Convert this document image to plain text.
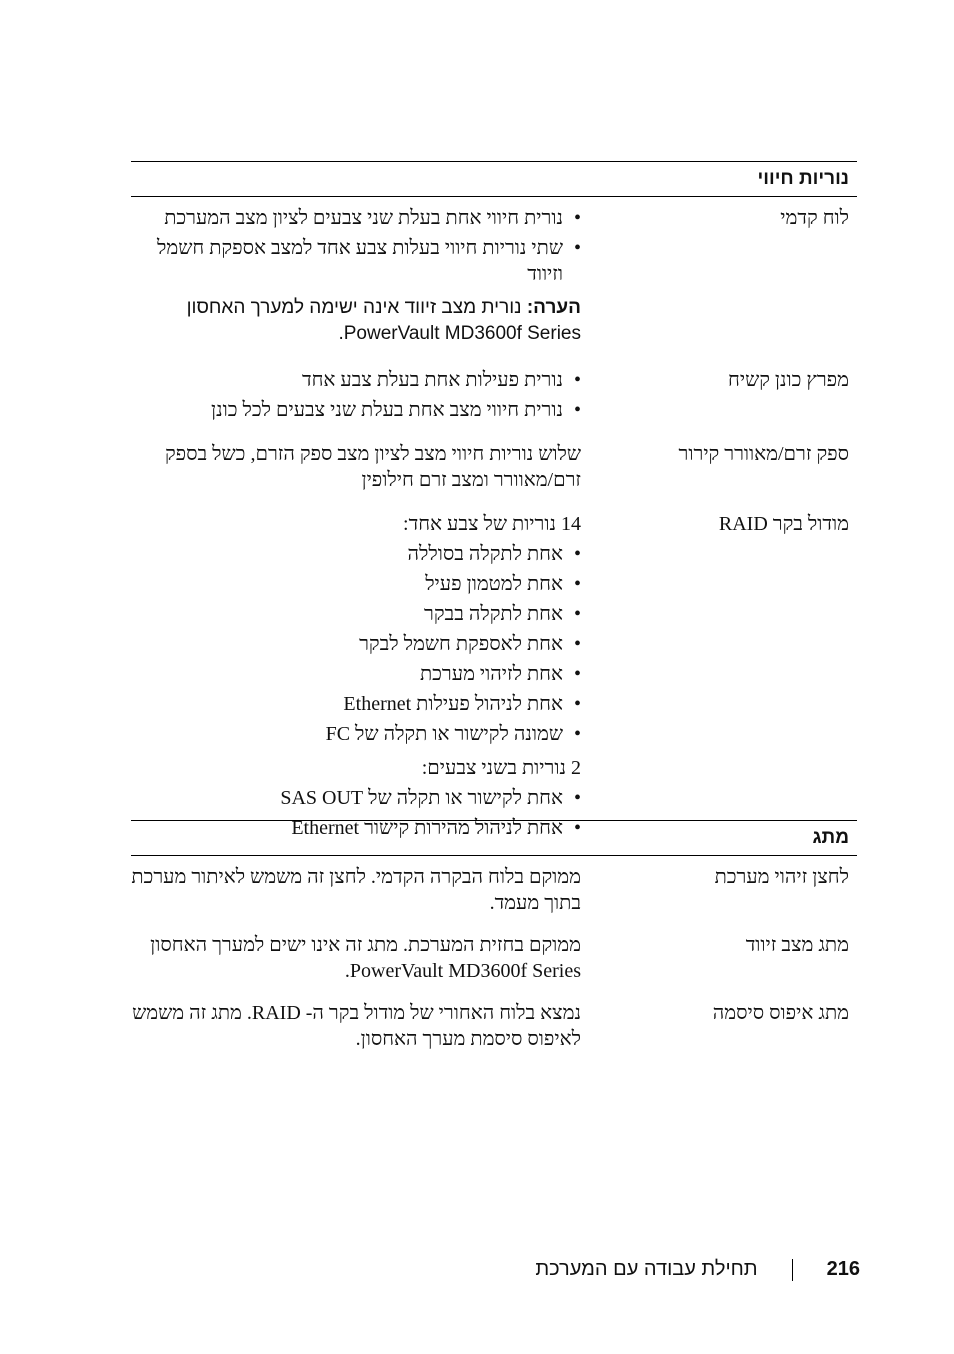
נוריות חיווי
לוח קדמי
• נורית חיווי אחת בעלת שני צבעים לציון מצב המערכת
• שתי נוריות חיווי בעלות צבע אחד למצב אספקת חשמל וזיווד

הערה: נורית מצב זיווד אינה ישימה למערך האחסון PowerVault MD3600f Series.

מפרץ כונן קשיח
• נורית פעילות אחת בעלת צבע אחד
• נורית חיווי מצב אחת בעלת שני צבעים לכל כונן
ספק זרם/מאוורר קירור

שלוש נוריות חיווי מצב לציון מצב ספק הזרם, כשל בספק זרם/מאוורר ומצב זרם חילופין

מודול בקר RAID

14 נוריות של צבע אחד:

• אחת לתקלה בסוללה
• אחת למטמון פעיל
• אחת לתקלה בבקר
• אחת לאספקת חשמל לבקר
• אחת לזיהוי מערכת
• אחת לניהול פעילות Ethernet
• שמונה לקישור או תקלה של FC

2 נוריות בשני צבעים:

• אחת לקישור או תקלה של SAS OUT
• אחת לניהול מהירות קישור Ethernet	מתג
לחצן זיהוי מערכת

ממוקם בלוח הבקרה הקדמי. לחצן זה משמש לאיתור מערכת בתוך מעמד.

מתג מצב זיווד

ממוקם בחזית המערכת. מתג זה אינו ישים למערך האחסון PowerVault MD3600f Series.

מתג איפוס סיסמה

נמצא בלוח האחורי של מודול בקר ה- RAID. מתג זה משמש לאיפוס סיסמת מערך האחסון.

216
תחילת עבודה עם המערכת
